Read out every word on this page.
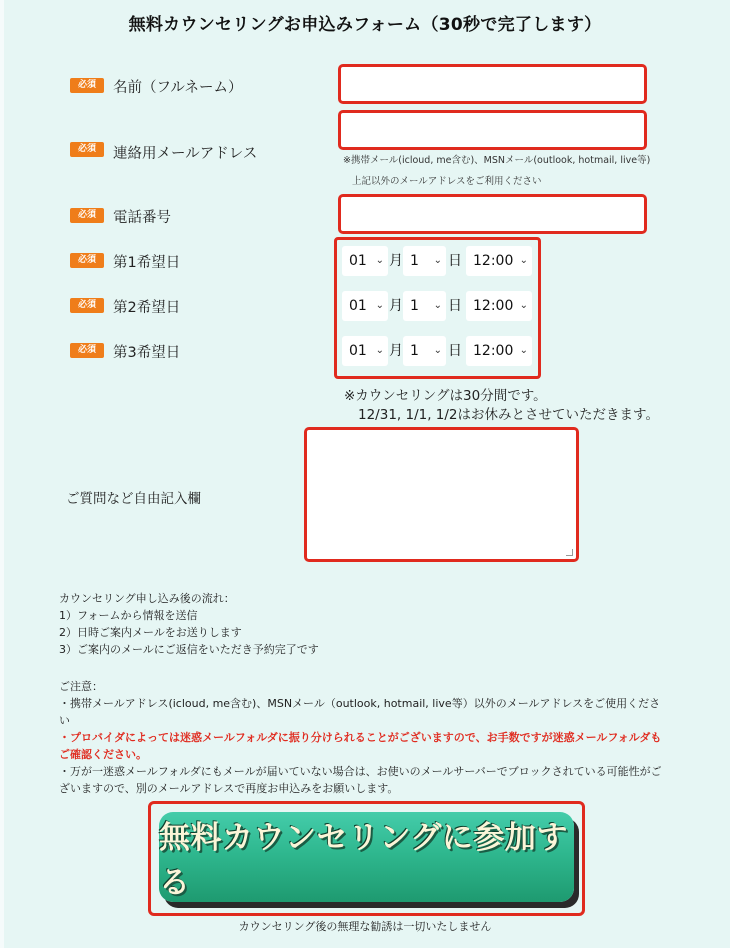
無料カウンセリングお申込みフォーム（30秒で完了します）
必須	名前（フルネーム）
必須	連絡用メールアドレス	※携帯メール(icloud, me含む)、MSNメール(outlook, hotmail, live等)
上記以外のメールアドレスをご利用ください
必須	電話番号
必須	第1希望日	01 ⌄ 月 1 ⌄ 日 12:00 ⌄
必須	第2希望日	01 ⌄ 月 1 ⌄ 日 12:00 ⌄
必須	第3希望日	01 ⌄ 月 1 ⌄ 日 12:00 ⌄
※カウンセリングは30分間です。
12/31, 1/1, 1/2はお休みとさせていただきます。
ご質問など自由記入欄
カウンセリング申し込み後の流れ：
1）フォームから情報を送信
2）日時ご案内メールをお送りします
3）ご案内のメールにご返信をいただき予約完了です
ご注意：
・携帯メールアドレス(icloud, me含む)、MSNメール（outlook, hotmail, live等）以外のメールアドレスをご使用ください
・プロバイダによっては迷惑メールフォルダに振り分けられることがございますので、お手数ですが迷惑メールフォルダもご確認ください。
・万が一迷惑メールフォルダにもメールが届いていない場合は、お使いのメールサーバーでブロックされている可能性がございますので、別のメールアドレスで再度お申込みをお願いします。
無料カウンセリングに参加する
カウンセリング後の無理な勧誘は一切いたしません
